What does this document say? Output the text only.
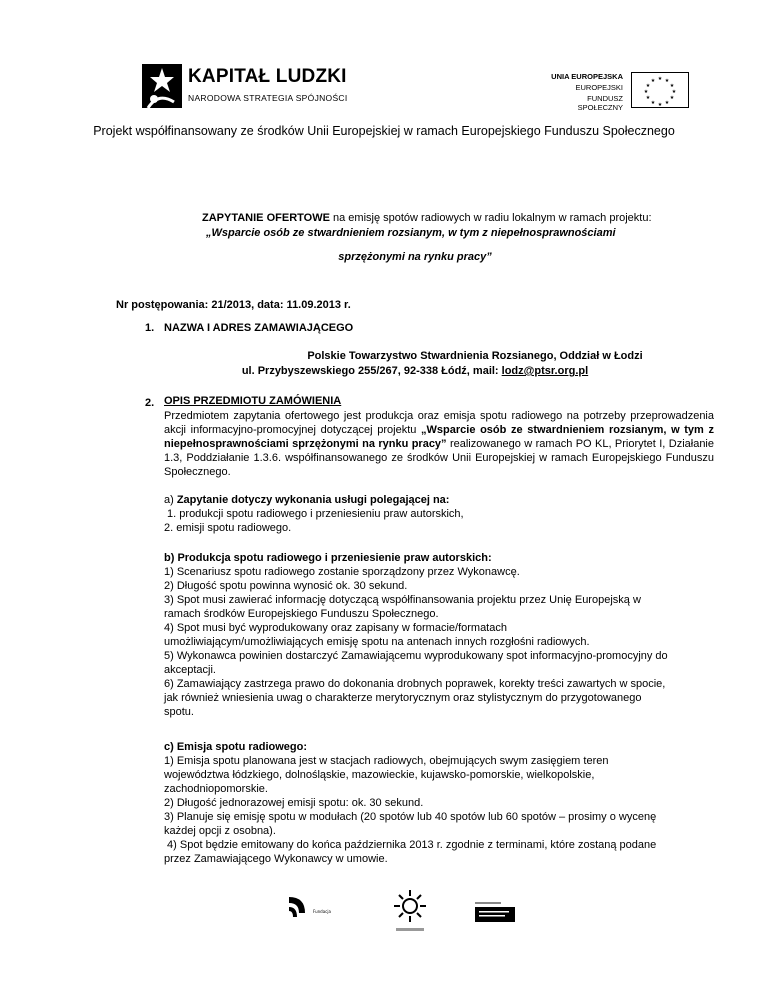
KAPITAŁ LUDZKI
NARODOWA STRATEGIA SPÓJNOŚCI
UNIA EUROPEJSKA
EUROPEJSKI
FUNDUSZ SPOŁECZNY
★ ★
★
★
★
★
★
★
★
★
★
★
Projekt współfinansowany ze środków Unii Europejskiej w ramach Europejskiego Funduszu Społecznego
ZAPYTANIE OFERTOWE na emisję spotów radiowych w radiu lokalnym w ramach projektu:
„Wsparcie osób ze stwardnieniem rozsianym, w tym z niepełnosprawnościami
sprzężonymi na rynku pracy”
Nr postępowania: 21/2013, data: 11.09.2013 r.
1. NAZWA I ADRES ZAMAWIAJĄCEGO
Polskie Towarzystwo Stwardnienia Rozsianego, Oddział w Łodzi
ul. Przybyszewskiego 255/267, 92-338 Łódź, mail: lodz@ptsr.org.pl
2. OPIS PRZEDMIOTU ZAMÓWIENIA

Przedmiotem zapytania ofertowego jest produkcja oraz emisja spotu radiowego na potrzeby przeprowadzenia akcji informacyjno-promocyjnej dotyczącej projektu „Wsparcie osób ze stwardnieniem rozsianym, w tym z niepełnosprawnościami sprzężonymi na rynku pracy” realizowanego w ramach PO KL, Priorytet I, Działanie 1.3, Poddziałanie 1.3.6. współfinansowanego ze środków Unii Europejskiej w ramach Europejskiego Funduszu Społecznego.

a) Zapytanie dotyczy wykonania usługi polegającej na:
1. produkcji spotu radiowego i przeniesieniu praw autorskich,
2. emisji spotu radiowego.
b) Produkcja spotu radiowego i przeniesienie praw autorskich:
1) Scenariusz spotu radiowego zostanie sporządzony przez Wykonawcę.
2) Długość spotu powinna wynosić ok. 30 sekund.
3) Spot musi zawierać informację dotyczącą współfinansowania projektu przez Unię Europejską w
ramach środków Europejskiego Funduszu Społecznego.
4) Spot musi być wyprodukowany oraz zapisany w formacie/formatach
umożliwiającym/umożliwiających emisję spotu na antenach innych rozgłośni radiowych.
5) Wykonawca powinien dostarczyć Zamawiającemu wyprodukowany spot informacyjno-promocyjny do
akceptacji.
6) Zamawiający zastrzega prawo do dokonania drobnych poprawek, korekty treści zawartych w spocie,
jak również wniesienia uwag o charakterze merytorycznym oraz stylistycznym do przygotowanego
spotu.
c) Emisja spotu radiowego:
1) Emisja spotu planowana jest w stacjach radiowych, obejmujących swym zasięgiem teren
województwa łódzkiego, dolnośląskie, mazowieckie, kujawsko-pomorskie, wielkopolskie,
zachodniopomorskie.
2) Długość jednorazowej emisji spotu: ok. 30 sekund.
3) Planuje się emisję spotu w modułach (20 spotów lub 40 spotów lub 60 spotów – prosimy o wycenę
każdej opcji z osobna).
4) Spot będzie emitowany do końca października 2013 r. zgodnie z terminami, które zostaną podane
przez Zamawiającego Wykonawcy w umowie.
Fundacja
